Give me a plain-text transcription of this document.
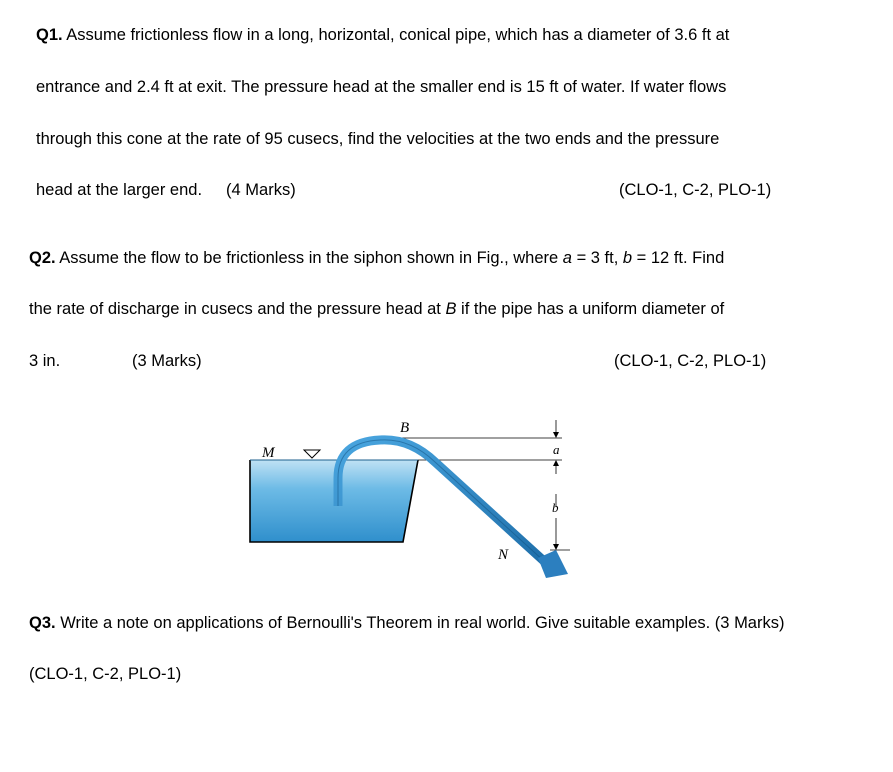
Q1. Assume frictionless flow in a long, horizontal, conical pipe, which has a diameter of 3.6 ft at
entrance and 2.4 ft at exit. The pressure head at the smaller end is 15 ft of water. If water flows
through this cone at the rate of 95 cusecs, find the velocities at the two ends and the pressure
head at the larger end. (4 Marks)	(CLO-1, C-2, PLO-1)
Q2. Assume the flow to be frictionless in the siphon shown in Fig., where a = 3 ft, b = 12 ft. Find
the rate of discharge in cusecs and the pressure head at B if the pipe has a uniform diameter of
3 in.	(3 Marks)	(CLO-1, C-2, PLO-1)
B
M	a
b
N
Q3. Write a note on applications of Bernoulli's Theorem in real world. Give suitable examples. (3 Marks)
(CLO-1, C-2, PLO-1)
